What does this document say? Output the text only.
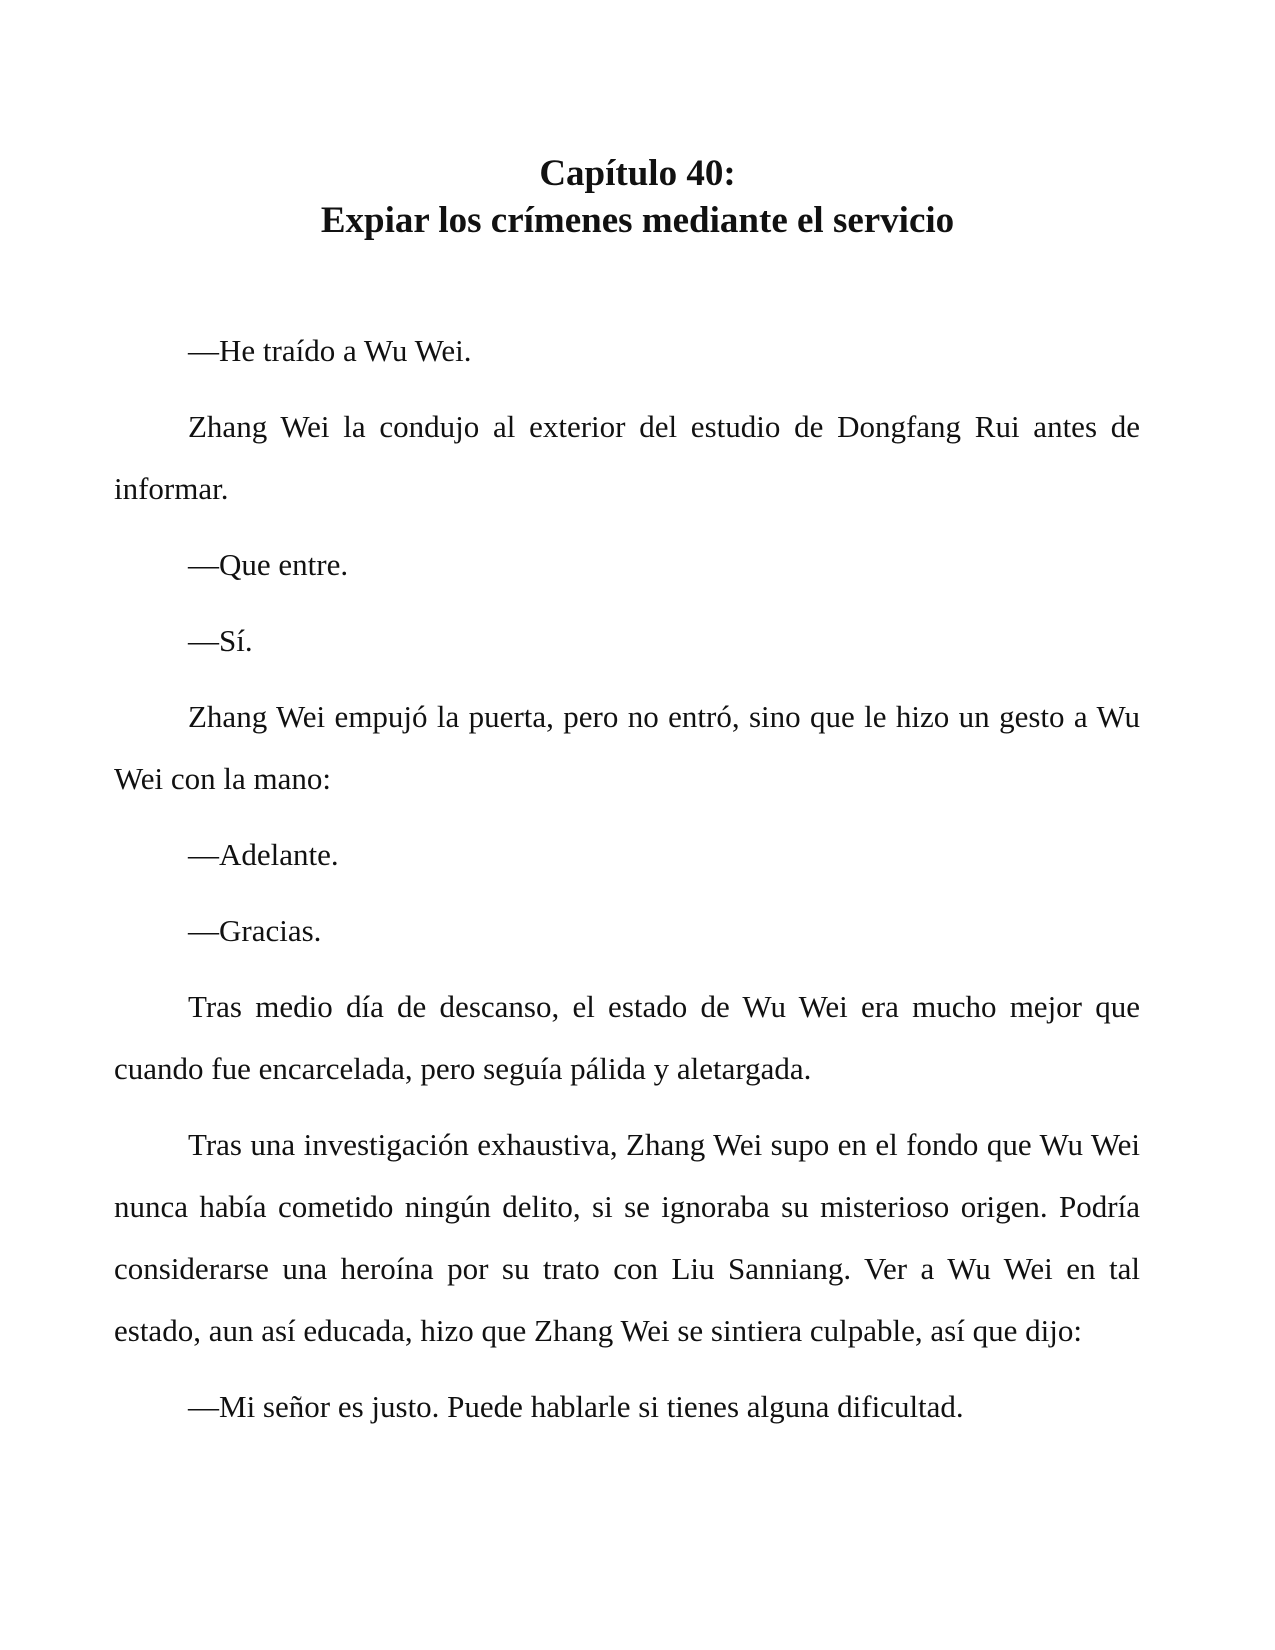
Capítulo 40:
Expiar los crímenes mediante el servicio

—He traído a Wu Wei.

Zhang Wei la condujo al exterior del estudio de Dongfang Rui antes de informar.

—Que entre.

—Sí.

Zhang Wei empujó la puerta, pero no entró, sino que le hizo un gesto a Wu Wei con la mano:

—Adelante.

—Gracias.

Tras medio día de descanso, el estado de Wu Wei era mucho mejor que cuando fue encarcelada, pero seguía pálida y aletargada.

Tras una investigación exhaustiva, Zhang Wei supo en el fondo que Wu Wei nunca había cometido ningún delito, si se ignoraba su misterioso origen. Podría considerarse una heroína por su trato con Liu Sanniang. Ver a Wu Wei en tal estado, aun así educada, hizo que Zhang Wei se sintiera culpable, así que dijo:

—Mi señor es justo. Puede hablarle si tienes alguna dificultad.
